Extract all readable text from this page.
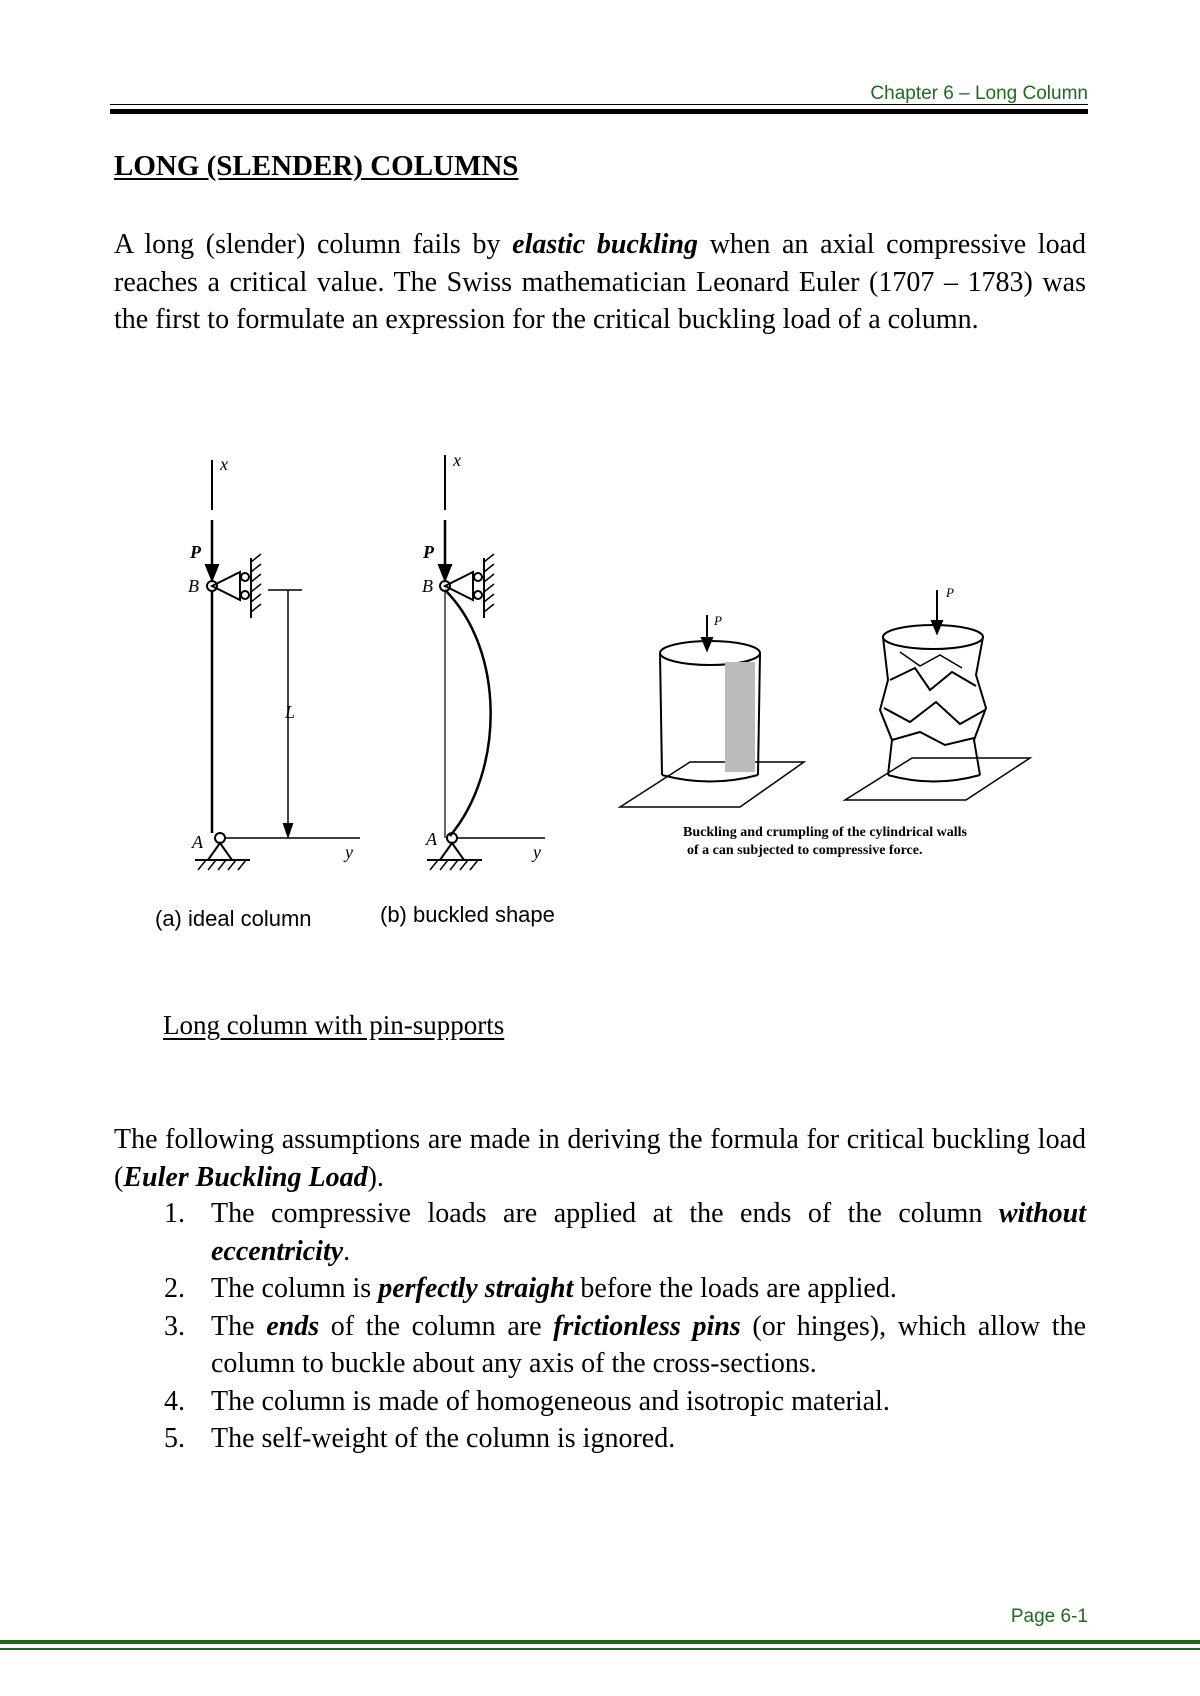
Chapter 6 – Long Column
LONG (SLENDER) COLUMNS

A long (slender) column fails by elastic buckling when an axial compressive load reaches a critical value. The Swiss mathematician Leonard Euler (1707 – 1783) was the first to formulate an expression for the critical buckling load of a column.

x
P
B
L
A	y
(a) ideal column
x
P
B
A
y
(b) buckled shape
P
P
Buckling and crumpling of the cylindrical walls
of a can subjected to compressive force.
Long column with pin-supports

The following assumptions are made in deriving the formula for critical buckling load (Euler Buckling Load).

1. The compressive loads are applied at the ends of the column without eccentricity.
2. The column is perfectly straight before the loads are applied.
3. The ends of the column are frictionless pins (or hinges), which allow the column to buckle about any axis of the cross-sections.
4. The column is made of homogeneous and isotropic material.
5. The self-weight of the column is ignored.
Page 6-1
